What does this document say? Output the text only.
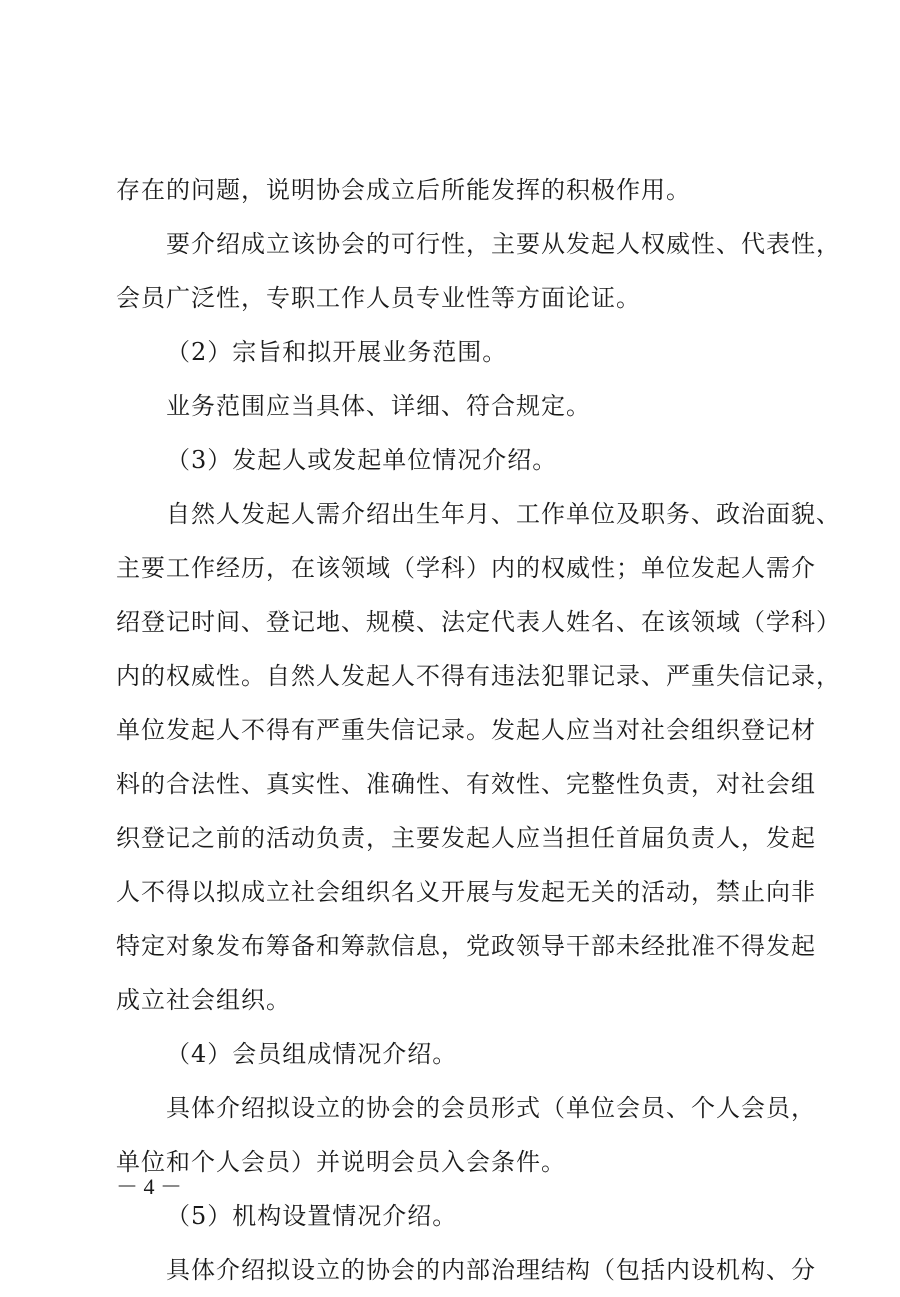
存在的问题，说明协会成立后所能发挥的积极作用。
要介绍成立该协会的可行性，主要从发起人权威性、代表性，
会员广泛性，专职工作人员专业性等方面论证。
（2）宗旨和拟开展业务范围。
业务范围应当具体、详细、符合规定。
（3）发起人或发起单位情况介绍。
自然人发起人需介绍出生年月、工作单位及职务、政治面貌、
主要工作经历，在该领域（学科）内的权威性；单位发起人需介
绍登记时间、登记地、规模、法定代表人姓名、在该领域（学科）
内的权威性。自然人发起人不得有违法犯罪记录、严重失信记录，
单位发起人不得有严重失信记录。发起人应当对社会组织登记材
料的合法性、真实性、准确性、有效性、完整性负责，对社会组
织登记之前的活动负责，主要发起人应当担任首届负责人，发起
人不得以拟成立社会组织名义开展与发起无关的活动，禁止向非
特定对象发布筹备和筹款信息，党政领导干部未经批准不得发起
成立社会组织。
（4）会员组成情况介绍。
具体介绍拟设立的协会的会员形式（单位会员、个人会员，
单位和个人会员）并说明会员入会条件。
（5）机构设置情况介绍。
具体介绍拟设立的协会的内部治理结构（包括内设机构、分
－ 4 －
